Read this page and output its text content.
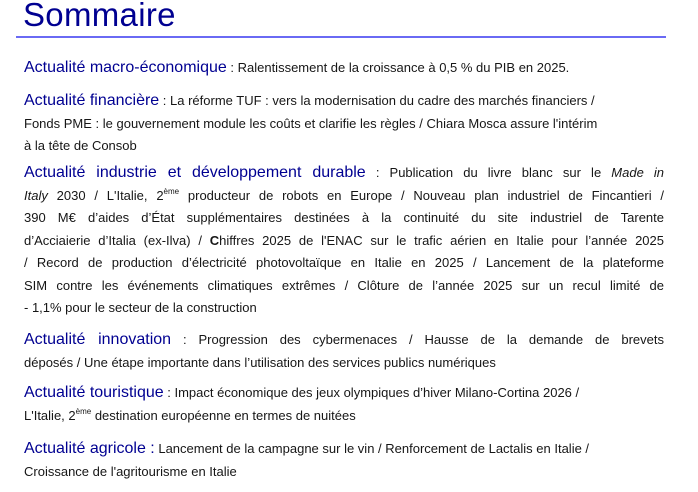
Sommaire
Actualité macro-économique : Ralentissement de la croissance à 0,5 % du PIB en 2025.
Actualité financière : La réforme TUF : vers la modernisation du cadre des marchés financiers /
Fonds PME : le gouvernement module les coûts et clarifie les règles / Chiara Mosca assure l'intérim
à la tête de Consob
Actualité industrie et développement durable : Publication du livre blanc sur le Made in
Italy 2030 / L'Italie, 2ème producteur de robots en Europe / Nouveau plan industriel de Fincantieri /
390 M€ d’aides d’État supplémentaires destinées à la continuité du site industriel de Tarente
d’Acciaierie d’Italia (ex-Ilva) / Chiffres 2025 de l'ENAC sur le trafic aérien en Italie pour l’année 2025
/ Record de production d’électricité photovoltaïque en Italie en 2025 / Lancement de la plateforme
SIM contre les événements climatiques extrêmes / Clôture de l’année 2025 sur un recul limité de
- 1,1% pour le secteur de la construction
Actualité innovation : Progression des cybermenaces / Hausse de la demande de brevets
déposés / Une étape importante dans l’utilisation des services publics numériques
Actualité touristique : Impact économique des jeux olympiques d’hiver Milano-Cortina 2026 /
L'Italie, 2ème destination européenne en termes de nuitées
Actualité agricole : Lancement de la campagne sur le vin / Renforcement de Lactalis en Italie /
Croissance de l'agritourisme en Italie
